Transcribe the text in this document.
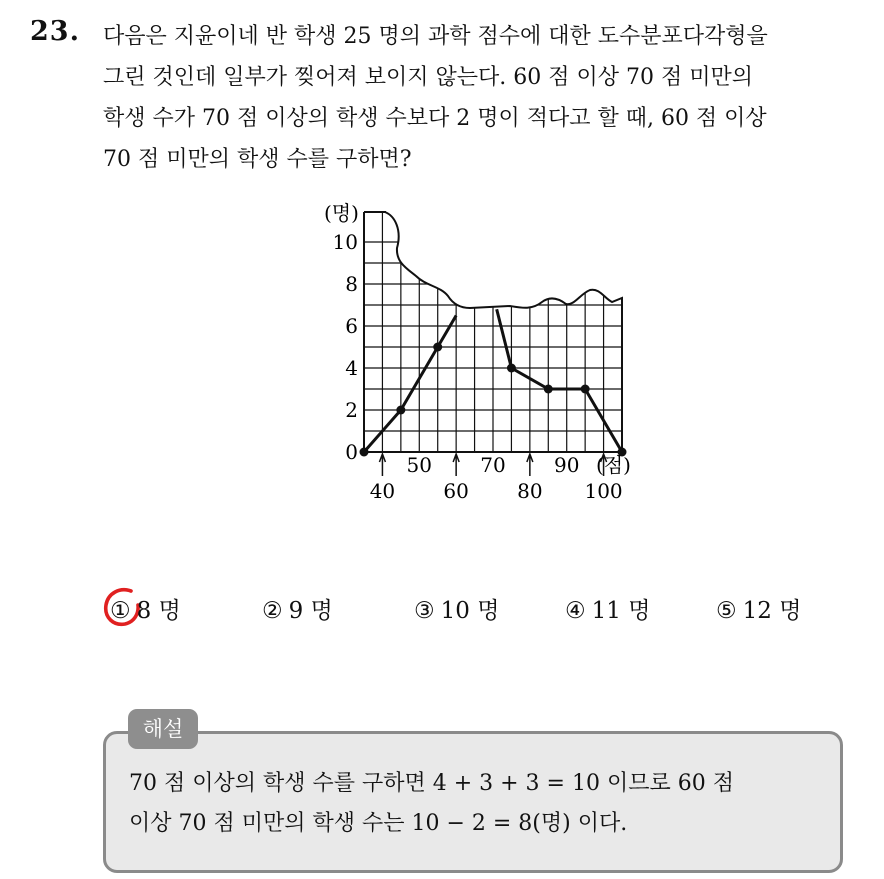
23. 다음은 지윤이네 반 학생 25 명의 과학 점수에 대한 도수분포다각형을
그린 것인데 일부가 찢어져 보이지 않는다. 60 점 이상 70 점 미만의
학생 수가 70 점 이상의 학생 수보다 2 명이 적다고 할 때, 60 점 이상
70 점 미만의 학생 수를 구하면?
10
8
6
4
2
0
50 70 90
40 60 80 100
(명)
(점)
① 8 명	② 9 명	③ 10 명	④ 11 명	⑤ 12 명
해설
70 점 이상의 학생 수를 구하면 4 + 3 + 3 = 10 이므로 60 점
이상 70 점 미만의 학생 수는 10 − 2 = 8(명) 이다.
